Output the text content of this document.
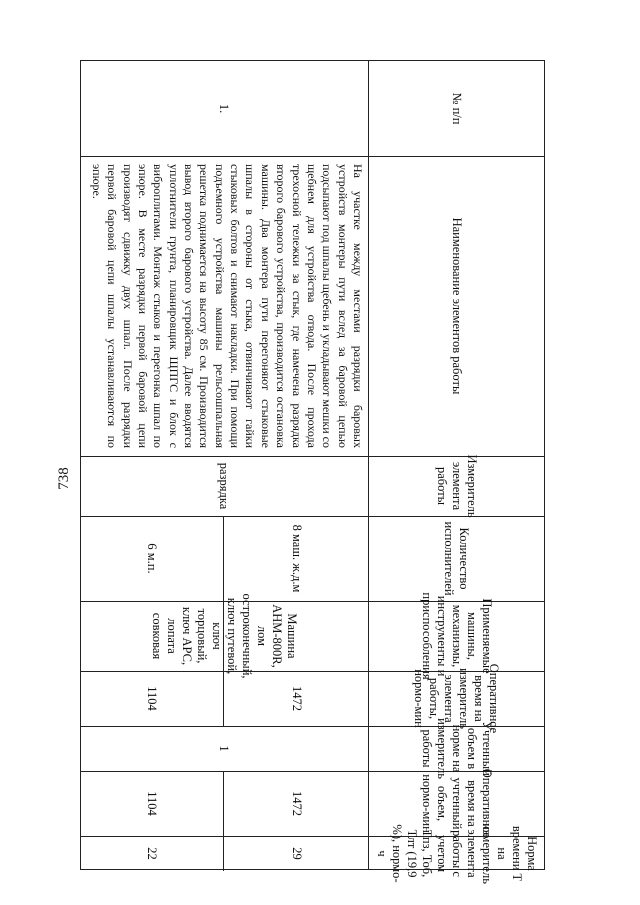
738
№ п/п
Наименование элементов работы
Измеритель элемента работы
Количество исполнителей
Применяемые машины, механизмы, инструменты и приспособления
Оперативное время на измеритель элемента работы, нормо-мин
Учтенный объем в норме на измеритель работы
Оперативное время на учтенный объем, нормо-мин
Норма времени Т на измеритель элемента работы с учетом Тпз, Тоб, Тлт (19,9 %), нормо-ч
1.
На участке между местами разрядки баровых устройств монтеры пути вслед за баровой цепью подсыпают под шпалы щебень и укладывают мешки со щебнем для устройства отвода. После прохода трехосной тележки за стык, где намечена разрядка второго барового устройства, производится остановка машины. Два монтера пути перегоняют стыковые шпалы в стороны от стыка, отвинчивают гайки стыковых болтов и снимают накладки. При помощи подъемного устройства машины рельсошпальная решетка поднимается на высоту 85 см. Производится вывод второго барового устройства. Далее вводятся уплотнители грунта, планировщик ЩПГС и блок с виброплитами. Монтаж стыков и перегонка шпал по эпюре. В месте разрядки первой баровой цепи производят сдвижку двух шпал. После разрядки первой баровой цепи шпалы устанавливаются по эпюре.
разрядка
8 маш. ж.д.м
6 м.п.
Машина АНМ-800R, лом остроконечный, ключ путевой, ключ торцовый, ключ АРС, лопата совковая
1472
1104
1
1472
1104
29
22
